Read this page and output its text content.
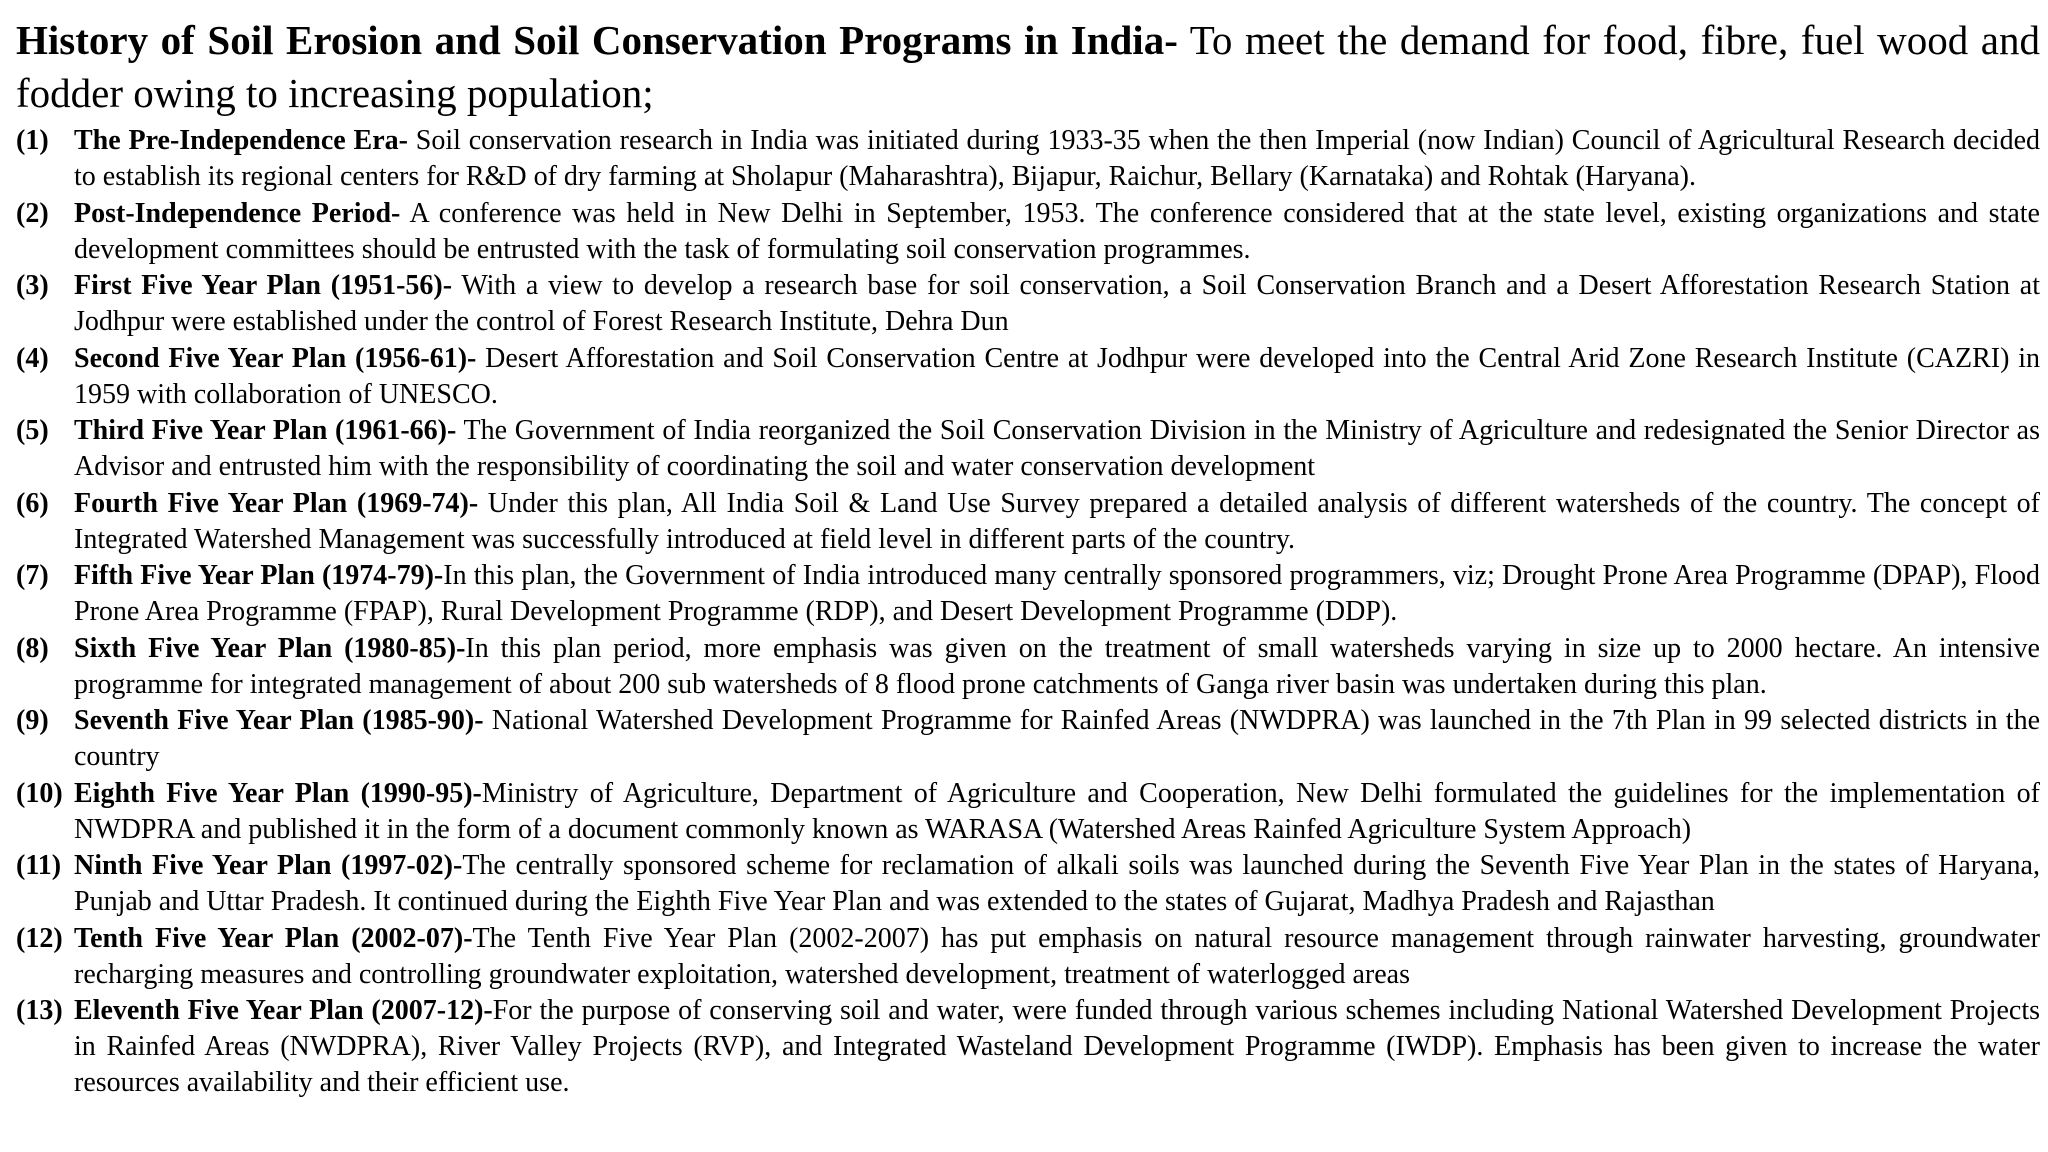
History of Soil Erosion and Soil Conservation Programs in India- To meet the demand for food, fibre, fuel wood and fodder owing to increasing population;

(1) The Pre-Independence Era- Soil conservation research in India was initiated during 1933-35 when the then Imperial (now Indian) Council of Agricultural Research decided to establish its regional centers for R&D of dry farming at Sholapur (Maharashtra), Bijapur, Raichur, Bellary (Karnataka) and Rohtak (Haryana).
(2) Post-Independence Period- A conference was held in New Delhi in September, 1953. The conference considered that at the state level, existing organizations and state development committees should be entrusted with the task of formulating soil conservation programmes.
(3) First Five Year Plan (1951-56)- With a view to develop a research base for soil conservation, a Soil Conservation Branch and a Desert Afforestation Research Station at Jodhpur were established under the control of Forest Research Institute, Dehra Dun
(4) Second Five Year Plan (1956-61)- Desert Afforestation and Soil Conservation Centre at Jodhpur were developed into the Central Arid Zone Research Institute (CAZRI) in 1959 with collaboration of UNESCO.
(5) Third Five Year Plan (1961-66)- The Government of India reorganized the Soil Conservation Division in the Ministry of Agriculture and redesignated the Senior Director as Advisor and entrusted him with the responsibility of coordinating the soil and water conservation development
(6) Fourth Five Year Plan (1969-74)- Under this plan, All India Soil & Land Use Survey prepared a detailed analysis of different watersheds of the country. The concept of Integrated Watershed Management was successfully introduced at field level in different parts of the country.
(7) Fifth Five Year Plan (1974-79)-In this plan, the Government of India introduced many centrally sponsored programmers, viz; Drought Prone Area Programme (DPAP), Flood Prone Area Programme (FPAP), Rural Development Programme (RDP), and Desert Development Programme (DDP).
(8) Sixth Five Year Plan (1980-85)-In this plan period, more emphasis was given on the treatment of small watersheds varying in size up to 2000 hectare. An intensive programme for integrated management of about 200 sub watersheds of 8 flood prone catchments of Ganga river basin was undertaken during this plan.
(9) Seventh Five Year Plan (1985-90)- National Watershed Development Programme for Rainfed Areas (NWDPRA) was launched in the 7th Plan in 99 selected districts in the country
(10) Eighth Five Year Plan (1990-95)-Ministry of Agriculture, Department of Agriculture and Cooperation, New Delhi formulated the guidelines for the implementation of NWDPRA and published it in the form of a document commonly known as WARASA (Watershed Areas Rainfed Agriculture System Approach)
(11) Ninth Five Year Plan (1997-02)-The centrally sponsored scheme for reclamation of alkali soils was launched during the Seventh Five Year Plan in the states of Haryana, Punjab and Uttar Pradesh. It continued during the Eighth Five Year Plan and was extended to the states of Gujarat, Madhya Pradesh and Rajasthan
(12) Tenth Five Year Plan (2002-07)-The Tenth Five Year Plan (2002-2007) has put emphasis on natural resource management through rainwater harvesting, groundwater recharging measures and controlling groundwater exploitation, watershed development, treatment of waterlogged areas
(13) Eleventh Five Year Plan (2007-12)-For the purpose of conserving soil and water, were funded through various schemes including National Watershed Development Projects in Rainfed Areas (NWDPRA), River Valley Projects (RVP), and Integrated Wasteland Development Programme (IWDP). Emphasis has been given to increase the water resources availability and their efficient use.
